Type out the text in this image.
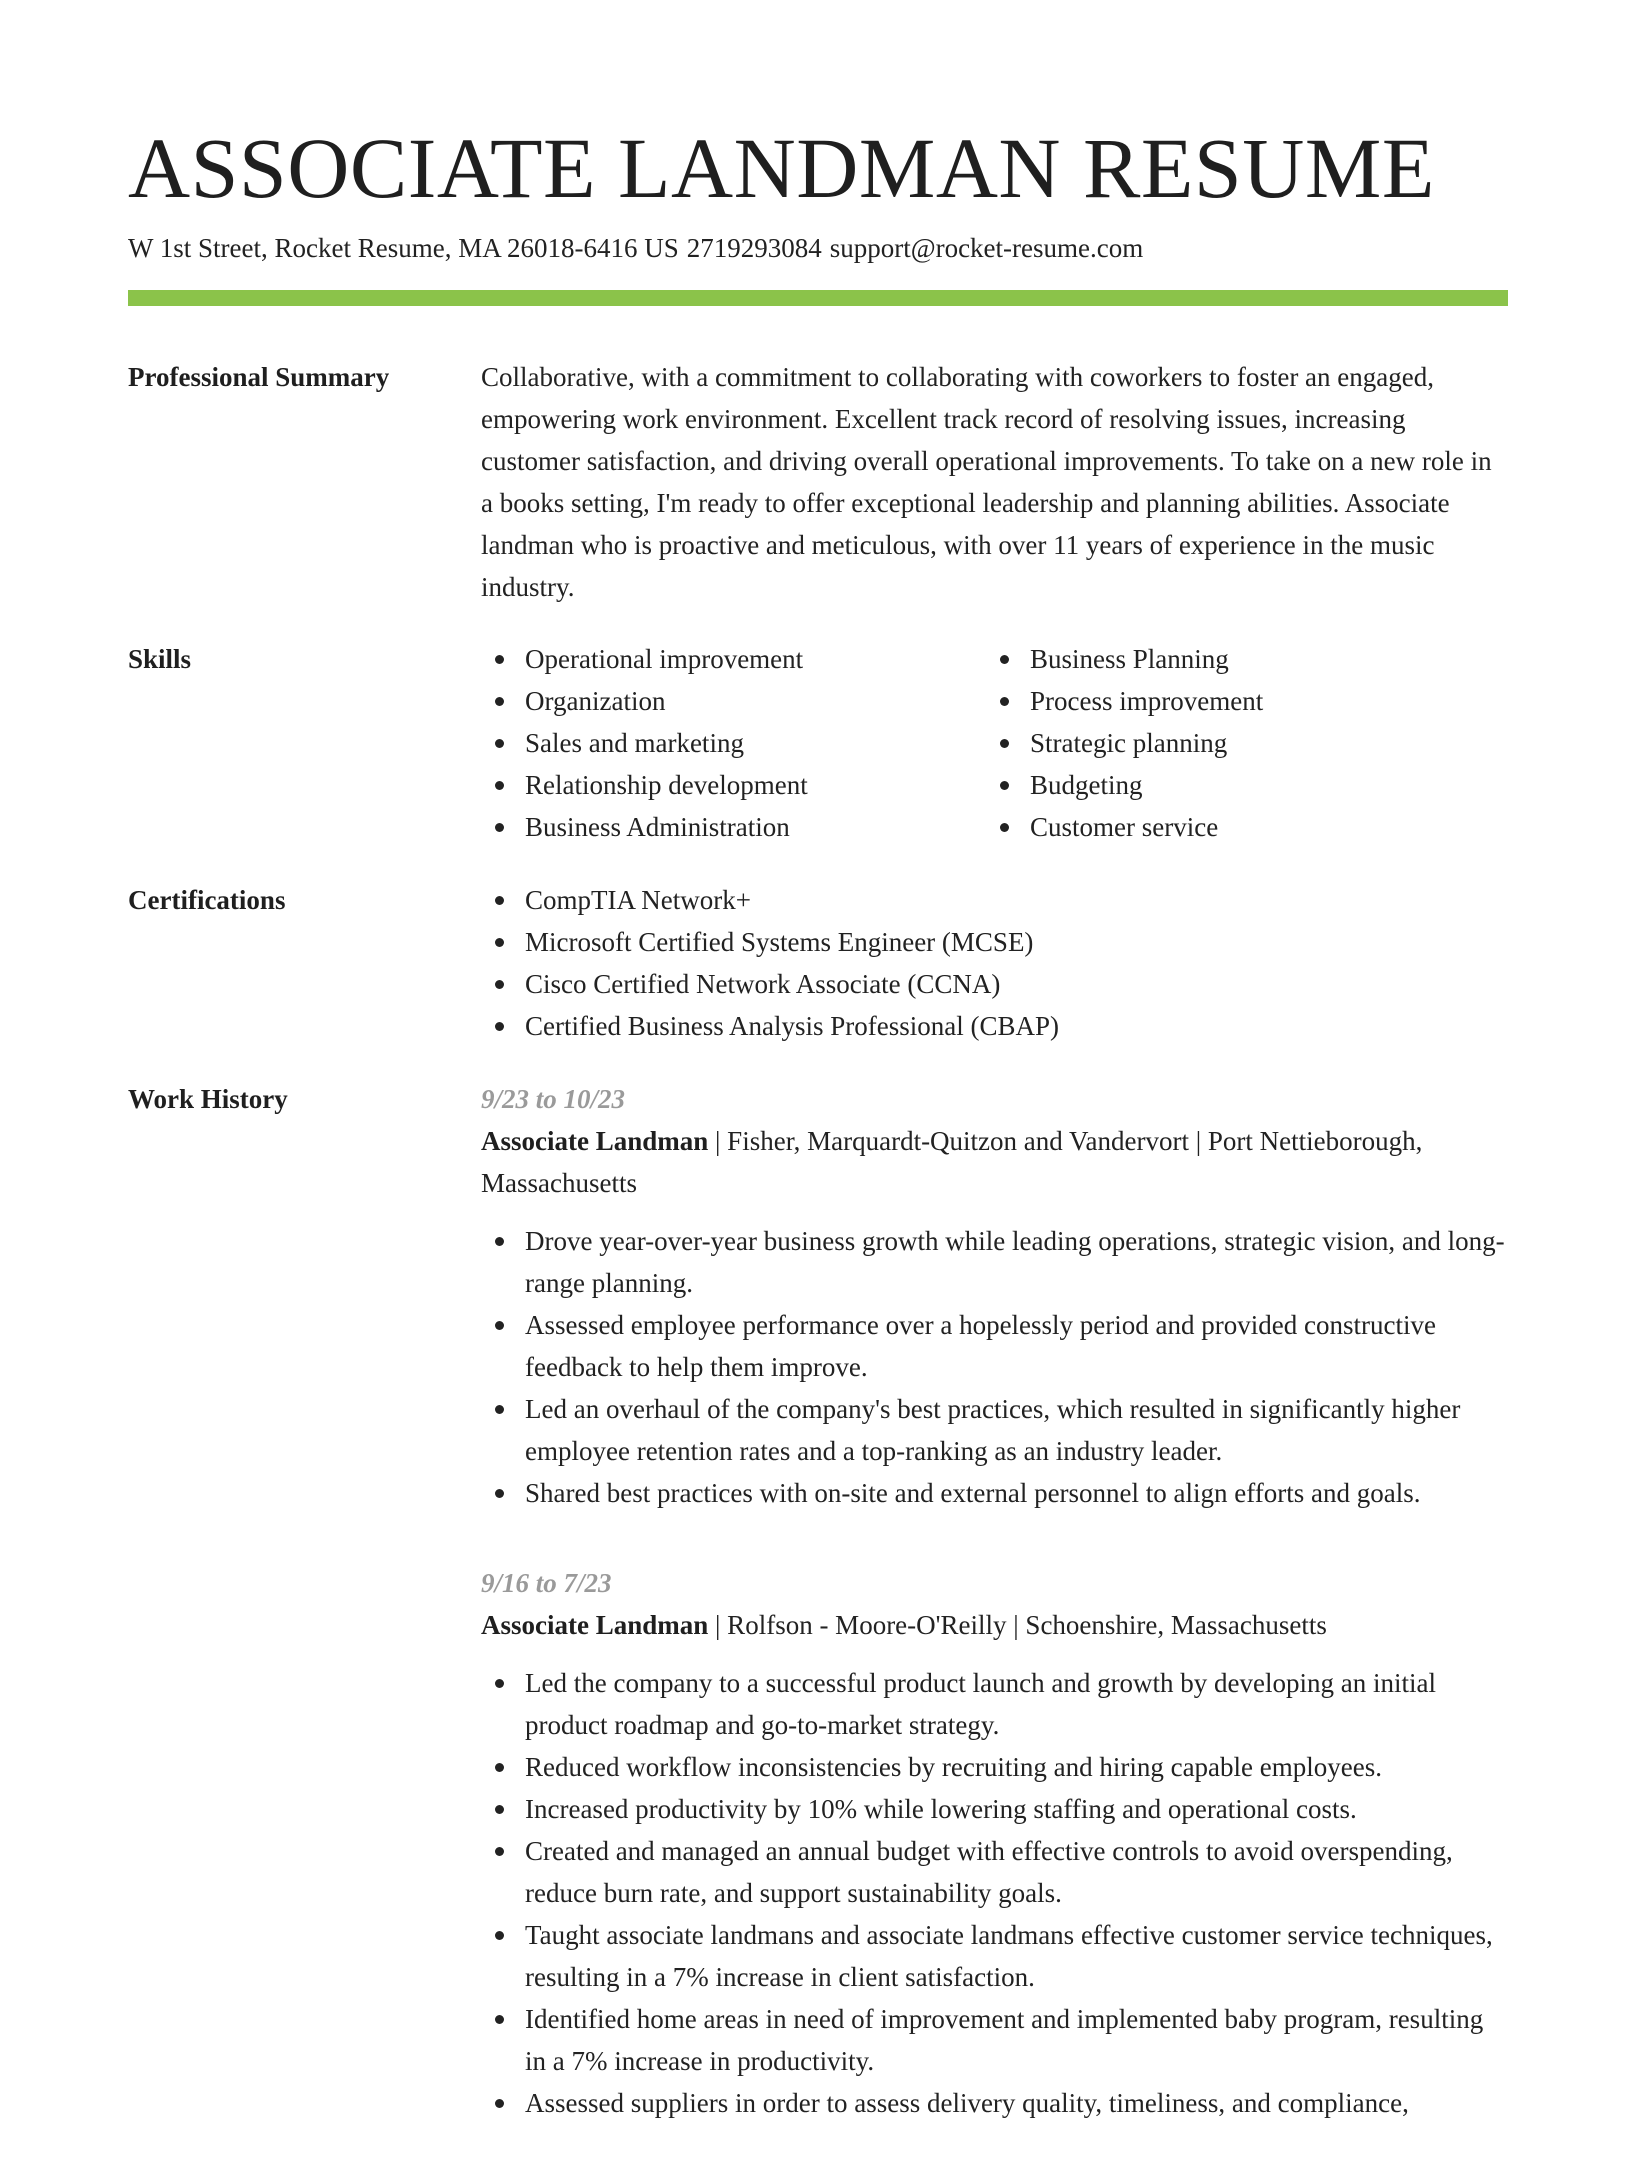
ASSOCIATE LANDMAN RESUME
W 1st Street, Rocket Resume, MA 26018-6416 US 2719293084 support@rocket-resume.com
Professional Summary	Collaborative, with a commitment to collaborating with coworkers to foster an engaged, empowering work environment. Excellent track record of resolving issues, increasing customer satisfaction, and driving overall operational improvements. To take on a new role in a books setting, I'm ready to offer exceptional leadership and planning abilities. Associate landman who is proactive and meticulous, with over 11 years of experience in the music industry.

Skills	Operational improvement
Organization
Sales and marketing
Relationship development
Business Administration
Business Planning
Process improvement
Strategic planning
Budgeting
Customer service
Certifications	CompTIA Network+
Microsoft Certified Systems Engineer (MCSE)
Cisco Certified Network Associate (CCNA)
Certified Business Analysis Professional (CBAP)
Work History	9/23 to 10/23
Associate Landman | Fisher, Marquardt-Quitzon and Vandervort | Port Nettieborough, Massachusetts
Drove year-over-year business growth while leading operations, strategic vision, and long-range planning.
Assessed employee performance over a hopelessly period and provided constructive feedback to help them improve.
Led an overhaul of the company's best practices, which resulted in significantly higher employee retention rates and a top-ranking as an industry leader.
Shared best practices with on-site and external personnel to align efforts and goals.
9/16 to 7/23
Associate Landman | Rolfson - Moore-O'Reilly | Schoenshire, Massachusetts
Led the company to a successful product launch and growth by developing an initial product roadmap and go-to-market strategy.
Reduced workflow inconsistencies by recruiting and hiring capable employees.
Increased productivity by 10% while lowering staffing and operational costs.
Created and managed an annual budget with effective controls to avoid overspending, reduce burn rate, and support sustainability goals.
Taught associate landmans and associate landmans effective customer service techniques, resulting in a 7% increase in client satisfaction.
Identified home areas in need of improvement and implemented baby program, resulting in a 7% increase in productivity.
Assessed suppliers in order to assess delivery quality, timeliness, and compliance,
